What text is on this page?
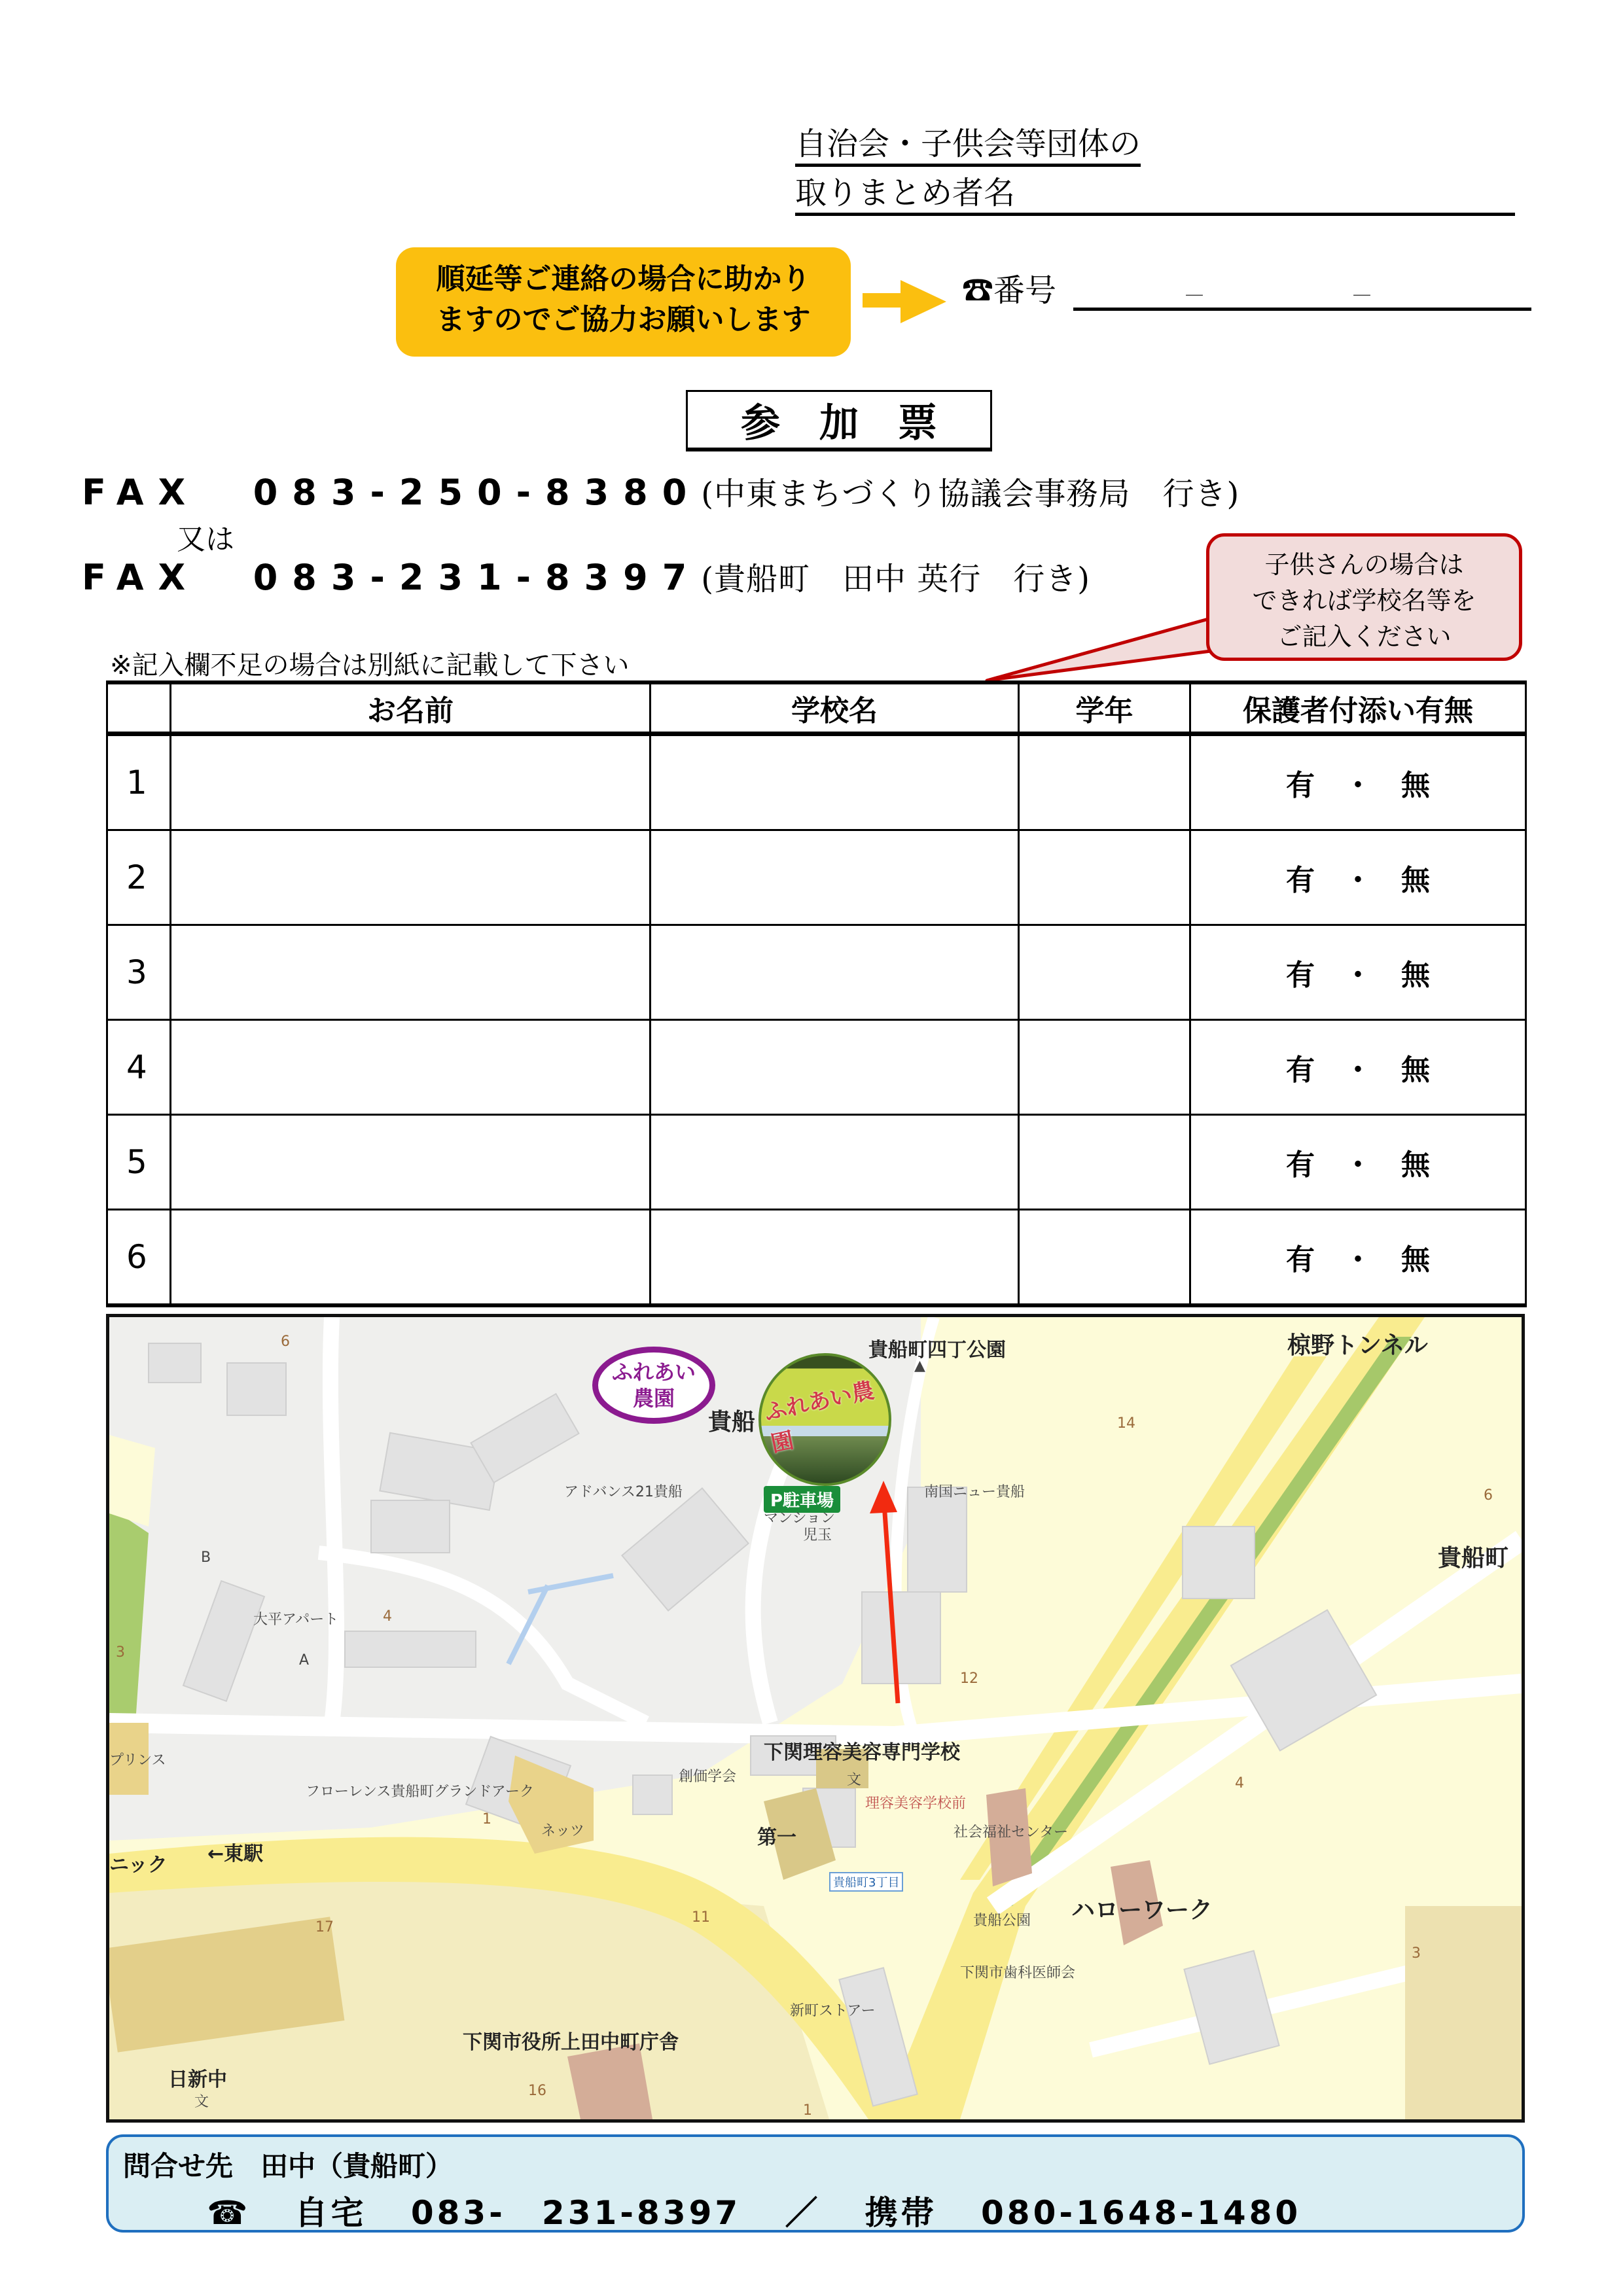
自治会・子供会等団体の
取りまとめ者名
順延等ご連絡の場合に助かり
ますのでご協力お願いします
☎番号	－	－
参加票
FAX 083-250-8380(中東まちづくり協議会事務局　行き)
又は
FAX 083-231-8397(貴船町　田中 英行　行き)	子供さんの場合は
できれば学校名等を
ご記入ください
※記入欄不足の場合は別紙に記載して下さい
	お名前	学校名	学年	保護者付添い有無
1				有　・　無
2				有　・　無
3				有　・　無
4				有　・　無
5				有　・　無
6				有　・　無
ふれあい
農園	ふれあい農園
P駐車場
貴船
貴船町四丁公園
▲
椋野トンネル
アドバンス21貴船
マンション
児玉
南国ニュー貴船
貴船町
大平アパート
B
A
プリンス
フローレンス貴船町グランドアーク
創価学会
下関理容美容専門学校
理容美容学校前
文
ネッツ	第一
←東駅
ニック
社会福祉センター
貴船町3丁目
ハローワーク
貴船公園
下関市歯科医師会
新町ストアー
下関市役所上田中町庁舎
日新中
文
6
14
6
4
3
12
1
17
11
16
4
3
1
問合せ先　田中（貴船町）
☎ 自宅 083-　231-8397 ／ 携帯 080-1648-1480
